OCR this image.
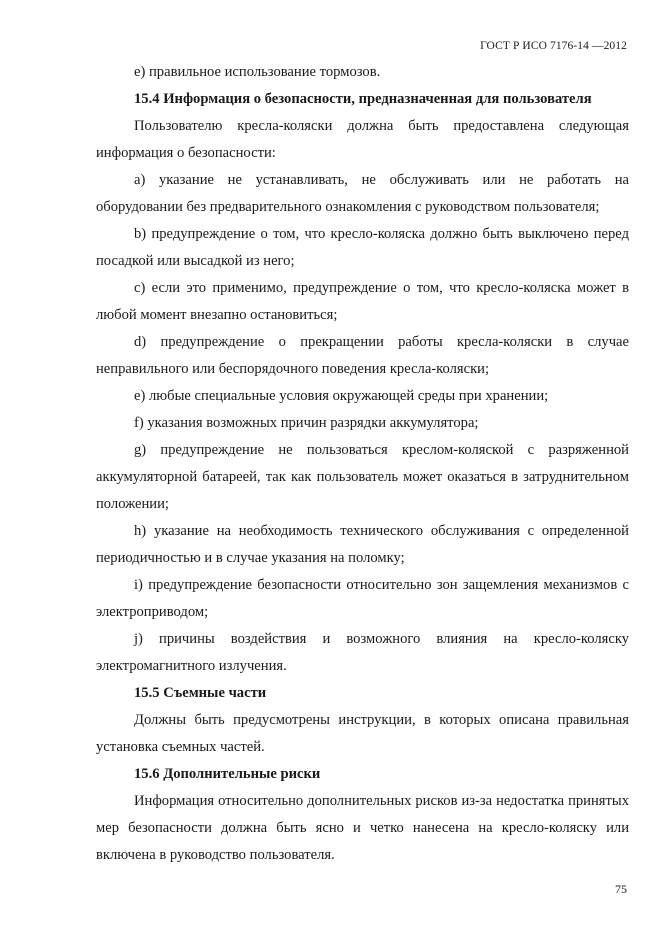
ГОСТ Р ИСО 7176-14 —2012

е) правильное использование тормозов.

15.4 Информация о безопасности, предназначенная для пользователя

Пользователю кресла-коляски должна быть предоставлена следующая информация о безопасности:

a) указание не устанавливать, не обслуживать или не работать на оборудовании без предварительного ознакомления с руководством пользователя;

b) предупреждение о том, что кресло-коляска должно быть выключено перед посадкой или высадкой из него;

c) если это применимо, предупреждение о том, что кресло-коляска может в любой момент внезапно остановиться;

d) предупреждение о прекращении работы кресла-коляски в случае неправильного или беспорядочного поведения кресла-коляски;

e) любые специальные условия окружающей среды при хранении;

f) указания возможных причин разрядки аккумулятора;

g) предупреждение не пользоваться креслом-коляской с разряженной аккумуляторной батареей, так как пользователь может оказаться в затруднительном положении;

h) указание на необходимость технического обслуживания с определенной периодичностью и в случае указания на поломку;

i) предупреждение безопасности относительно зон защемления механизмов с электроприводом;

j) причины воздействия и возможного влияния на кресло-коляску электромагнитного излучения.

15.5 Съемные части

Должны быть предусмотрены инструкции, в которых описана правильная установка съемных частей.

15.6 Дополнительные риски

Информация относительно дополнительных рисков из-за недостатка принятых мер безопасности должна быть ясно и четко нанесена на кресло-коляску или включена в руководство пользователя.

75
